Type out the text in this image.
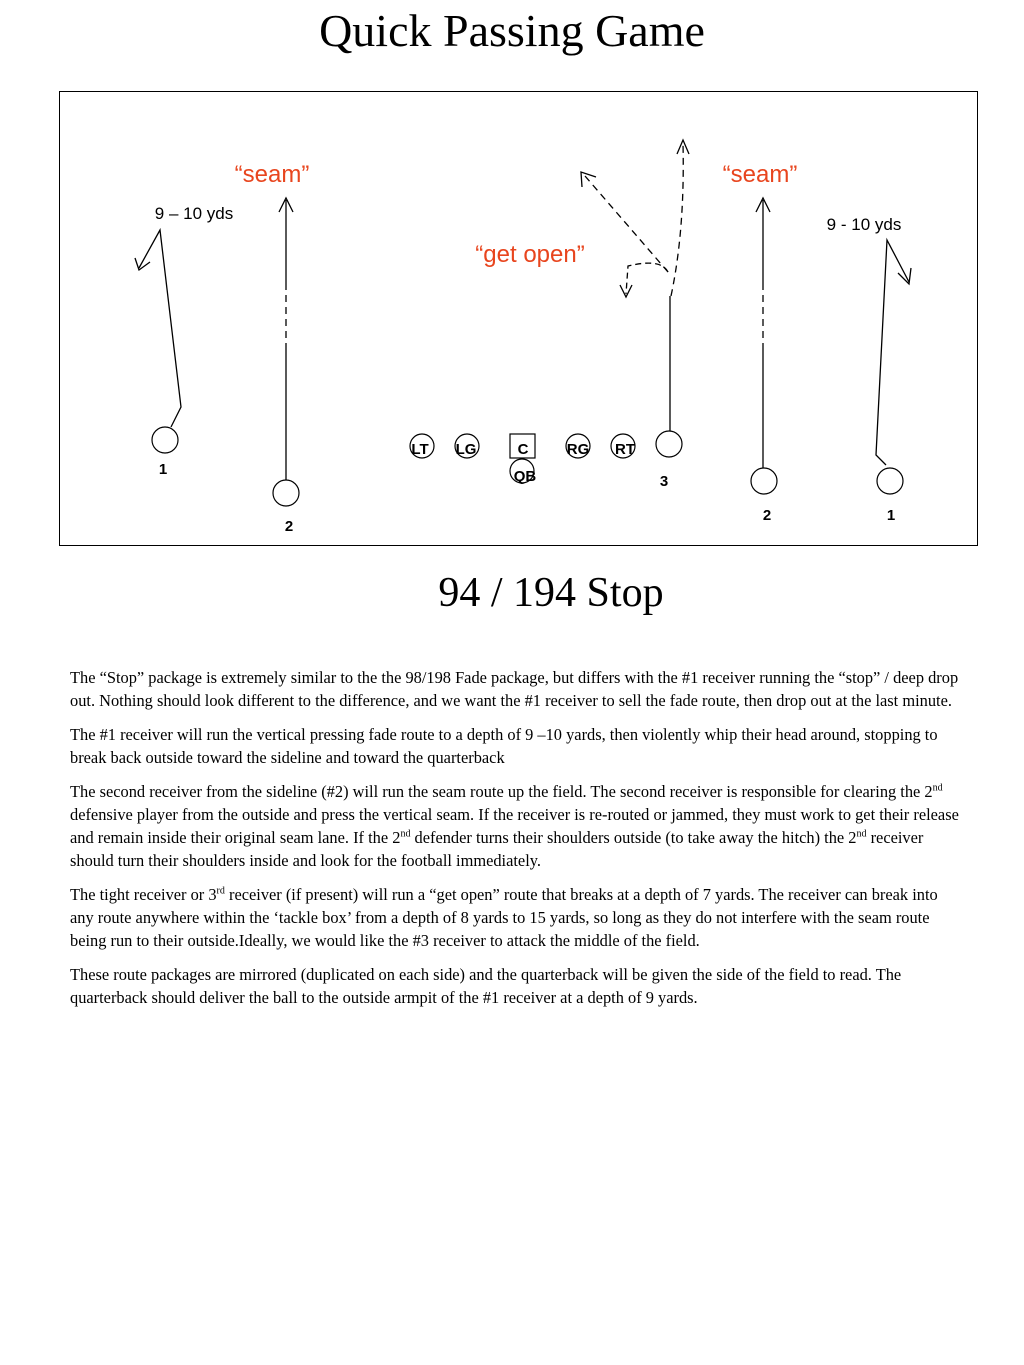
Quick Passing Game
“seam”	“seam”
“get open”
9 – 10 yds
9 - 10 yds
1
2
LT LG	C
QB
RG RT
3
2	1
94 / 194 Stop

The “Stop” package is extremely similar to the the 98/198 Fade package, but differs with the #1 receiver running the “stop” / deep drop out. Nothing should look different to the difference, and we want the #1 receiver to sell the fade route, then drop out at the last minute.

The #1 receiver will run the vertical pressing fade route to a depth of 9 –10 yards, then violently whip their head around, stopping to break back outside toward the sideline and toward the quarterback

The second receiver from the sideline (#2) will run the seam route up the field. The second receiver is responsible for clearing the 2nd defensive player from the outside and press the vertical seam. If the receiver is re-routed or jammed, they must work to get their release and remain inside their original seam lane. If the 2nd defender turns their shoulders outside (to take away the hitch) the 2nd receiver should turn their shoulders inside and look for the football immediately.

The tight receiver or 3rd receiver (if present) will run a “get open” route that breaks at a depth of 7 yards. The receiver can break into any route anywhere within the ‘tackle box’ from a depth of 8 yards to 15 yards, so long as they do not interfere with the seam route being run to their outside.Ideally, we would like the #3 receiver to attack the middle of the field.

These route packages are mirrored (duplicated on each side) and the quarterback will be given the side of the field to read. The quarterback should deliver the ball to the outside armpit of the #1 receiver at a depth of 9 yards.
